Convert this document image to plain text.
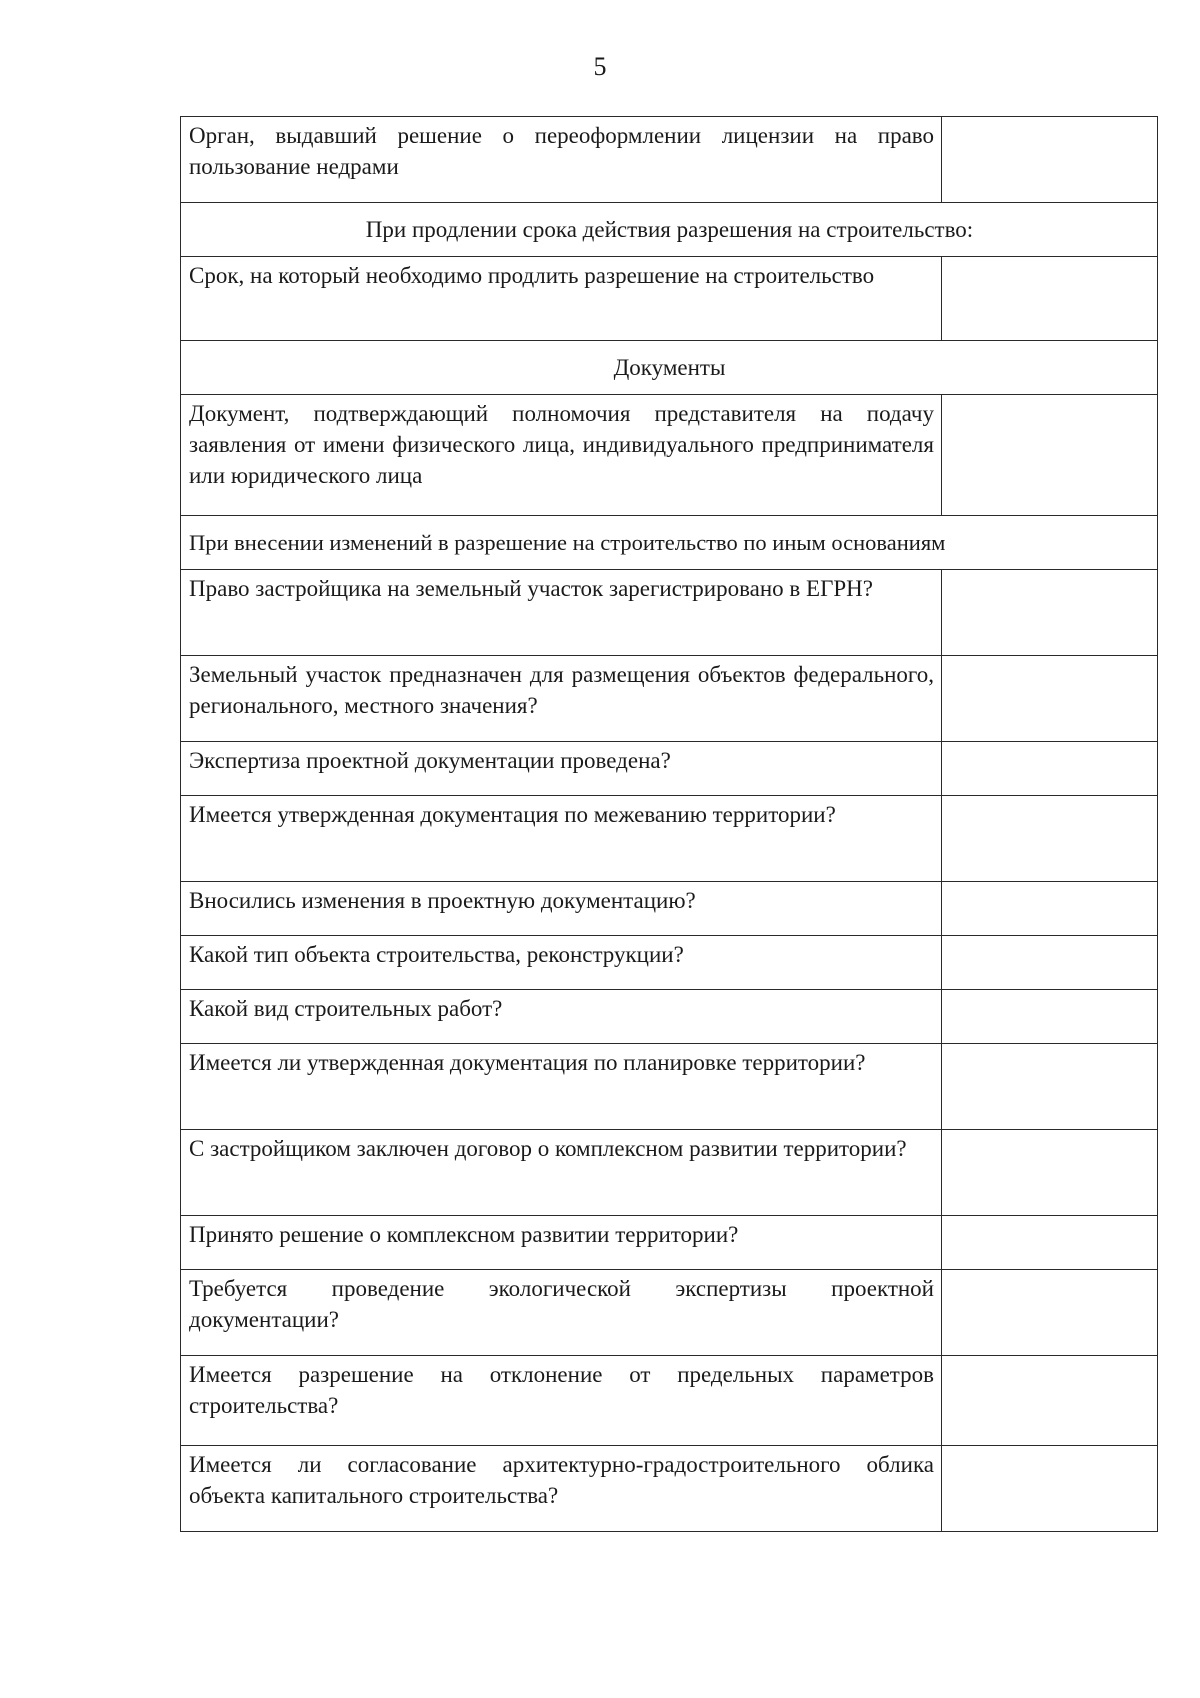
5
Орган, выдавший решение о переоформлении лицензии на право пользование недрами	
При продлении срока действия разрешения на строительство:	
Срок, на который необходимо продлить разрешение на строительство	
Документы	
Документ, подтверждающий полномочия представителя на подачу заявления от имени физического лица, индивидуального предпринимателя или юридического лица	
При внесении изменений в разрешение на строительство по иным основаниям	
Право застройщика на земельный участок зарегистрировано в ЕГРН?	
Земельный участок предназначен для размещения объектов федерального, регионального, местного значения?	
Экспертиза проектной документации проведена?	
Имеется утвержденная документация по межеванию территории?	
Вносились изменения в проектную документацию?	
Какой тип объекта строительства, реконструкции?	
Какой вид строительных работ?	
Имеется ли утвержденная документация по планировке территории?	
С застройщиком заключен договор о комплексном развитии территории?	
Принято решение о комплексном развитии территории?	
Требуется проведение экологической экспертизы проектной документации?	
Имеется разрешение на отклонение от предельных параметров строительства?	
Имеется ли согласование архитектурно-градостроительного облика объекта капитального строительства?	
